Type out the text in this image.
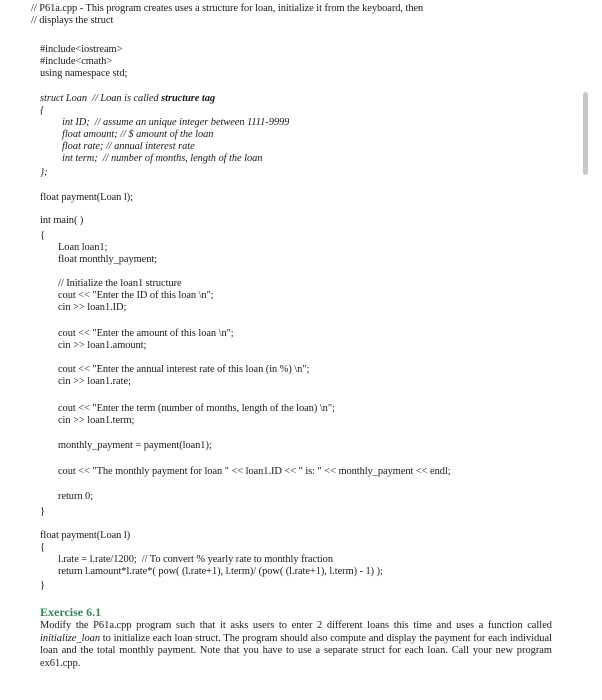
// P61a.cpp - This program creates uses a structure for loan, initialize it from the keyboard, then
// displays the struct
#include<iostream>
#include<cmath>
using namespace std;
struct Loan  // Loan is called structure tag
{
int ID;  // assume an unique integer between 1111-9999
float amount; // $ amount of the loan
float rate; // annual interest rate
int term;  // number of months, length of the loan
};
float payment(Loan l);
int main( )
{
Loan loan1;
float monthly_payment;
// Initialize the loan1 structure
cout << "Enter the ID of this loan \n";
cin >> loan1.ID;
cout << "Enter the amount of this loan \n";
cin >> loan1.amount;
cout << "Enter the annual interest rate of this loan (in %) \n";
cin >> loan1.rate;
cout << "Enter the term (number of months, length of the loan) \n";
cin >> loan1.term;
monthly_payment = payment(loan1);
cout << "The monthly payment for loan " << loan1.ID << " is: " << monthly_payment << endl;
return 0;
}
float payment(Loan l)
{
l.rate = l.rate/1200;  // To convert % yearly rate to monthly fraction
return l.amount*l.rate*( pow( (l.rate+1), l.term)/ (pow( (l.rate+1), l.term) - 1) );
}
Exercise 6.1
Modify the P61a.cpp program such that it asks users to enter 2 different loans this time and uses a function called initialize_loan to initialize each loan struct. The program should also compute and display the payment for each individual loan and the total monthly payment. Note that you have to use a separate struct for each loan. Call your new program ex61.cpp.
